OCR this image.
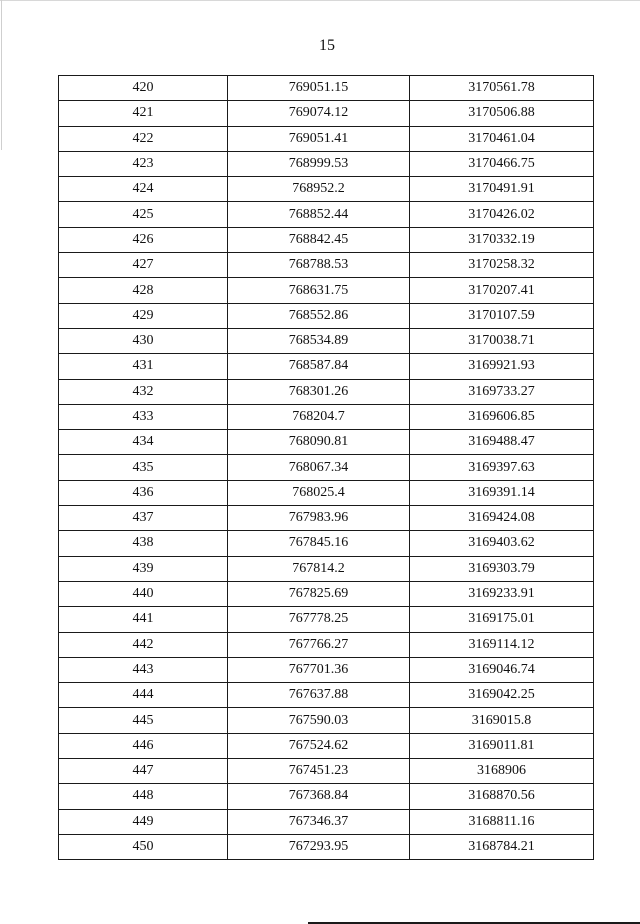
15
420	769051.15	3170561.78
421	769074.12	3170506.88
422	769051.41	3170461.04
423	768999.53	3170466.75
424	768952.2	3170491.91
425	768852.44	3170426.02
426	768842.45	3170332.19
427	768788.53	3170258.32
428	768631.75	3170207.41
429	768552.86	3170107.59
430	768534.89	3170038.71
431	768587.84	3169921.93
432	768301.26	3169733.27
433	768204.7	3169606.85
434	768090.81	3169488.47
435	768067.34	3169397.63
436	768025.4	3169391.14
437	767983.96	3169424.08
438	767845.16	3169403.62
439	767814.2	3169303.79
440	767825.69	3169233.91
441	767778.25	3169175.01
442	767766.27	3169114.12
443	767701.36	3169046.74
444	767637.88	3169042.25
445	767590.03	3169015.8
446	767524.62	3169011.81
447	767451.23	3168906
448	767368.84	3168870.56
449	767346.37	3168811.16
450	767293.95	3168784.21
